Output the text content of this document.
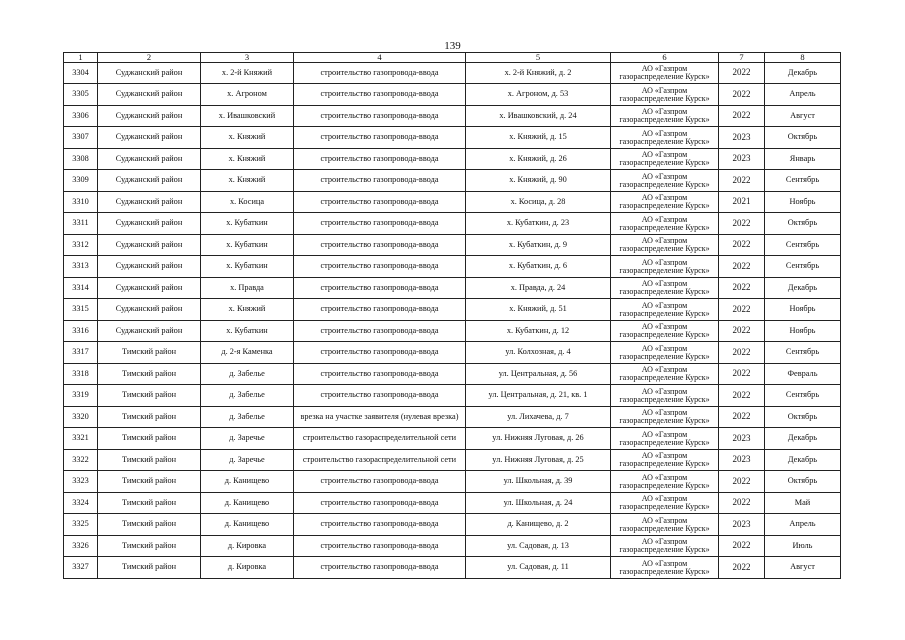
139
1	2	3	4	5	6	7	8
3304	Суджанский район	х. 2-й Княжий	строительство газопровода-ввода	х. 2-й Княжий, д. 2	АО «Газпром
газораспределение Курск»	2022	Декабрь
3305	Суджанский район	х. Агроном	строительство газопровода-ввода	х. Агроном, д. 53	АО «Газпром
газораспределение Курск»	2022	Апрель
3306	Суджанский район	х. Ивашковский	строительство газопровода-ввода	х. Ивашковский, д. 24	АО «Газпром
газораспределение Курск»	2022	Август
3307	Суджанский район	х. Княжий	строительство газопровода-ввода	х. Княжий, д. 15	АО «Газпром
газораспределение Курск»	2023	Октябрь
3308	Суджанский район	х. Княжий	строительство газопровода-ввода	х. Княжий, д. 26	АО «Газпром
газораспределение Курск»	2023	Январь
3309	Суджанский район	х. Княжий	строительство газопровода-ввода	х. Княжий, д. 90	АО «Газпром
газораспределение Курск»	2022	Сентябрь
3310	Суджанский район	х. Косица	строительство газопровода-ввода	х. Косица, д. 28	АО «Газпром
газораспределение Курск»	2021	Ноябрь
3311	Суджанский район	х. Кубаткин	строительство газопровода-ввода	х. Кубаткин, д. 23	АО «Газпром
газораспределение Курск»	2022	Октябрь
3312	Суджанский район	х. Кубаткин	строительство газопровода-ввода	х. Кубаткин, д. 9	АО «Газпром
газораспределение Курск»	2022	Сентябрь
3313	Суджанский район	х. Кубаткин	строительство газопровода-ввода	х. Кубаткин, д. 6	АО «Газпром
газораспределение Курск»	2022	Сентябрь
3314	Суджанский район	х. Правда	строительство газопровода-ввода	х. Правда, д. 24	АО «Газпром
газораспределение Курск»	2022	Декабрь
3315	Суджанский район	х. Княжий	строительство газопровода-ввода	х. Княжий, д. 51	АО «Газпром
газораспределение Курск»	2022	Ноябрь
3316	Суджанский район	х. Кубаткин	строительство газопровода-ввода	х. Кубаткин, д. 12	АО «Газпром
газораспределение Курск»	2022	Ноябрь
3317	Тимский район	д. 2-я Каменка	строительство газопровода-ввода	ул. Колхозная, д. 4	АО «Газпром
газораспределение Курск»	2022	Сентябрь
3318	Тимский район	д. Забелье	строительство газопровода-ввода	ул. Центральная, д. 56	АО «Газпром
газораспределение Курск»	2022	Февраль
3319	Тимский район	д. Забелье	строительство газопровода-ввода	ул. Центральная, д. 21, кв. 1	АО «Газпром
газораспределение Курск»	2022	Сентябрь
3320	Тимский район	д. Забелье	врезка на участке заявителя (нулевая врезка)	ул. Лихачева, д. 7	АО «Газпром
газораспределение Курск»	2022	Октябрь
3321	Тимский район	д. Заречье	строительство газораспределительной сети	ул. Нижняя Луговая, д. 26	АО «Газпром
газораспределение Курск»	2023	Декабрь
3322	Тимский район	д. Заречье	строительство газораспределительной сети	ул. Нижняя Луговая, д. 25	АО «Газпром
газораспределение Курск»	2023	Декабрь
3323	Тимский район	д. Канищево	строительство газопровода-ввода	ул. Школьная, д. 39	АО «Газпром
газораспределение Курск»	2022	Октябрь
3324	Тимский район	д. Канищево	строительство газопровода-ввода	ул. Школьная, д. 24	АО «Газпром
газораспределение Курск»	2022	Май
3325	Тимский район	д. Канищево	строительство газопровода-ввода	д. Канищево, д. 2	АО «Газпром
газораспределение Курск»	2023	Апрель
3326	Тимский район	д. Кировка	строительство газопровода-ввода	ул. Садовая, д. 13	АО «Газпром
газораспределение Курск»	2022	Июль
3327	Тимский район	д. Кировка	строительство газопровода-ввода	ул. Садовая, д. 11	АО «Газпром
газораспределение Курск»	2022	Август
